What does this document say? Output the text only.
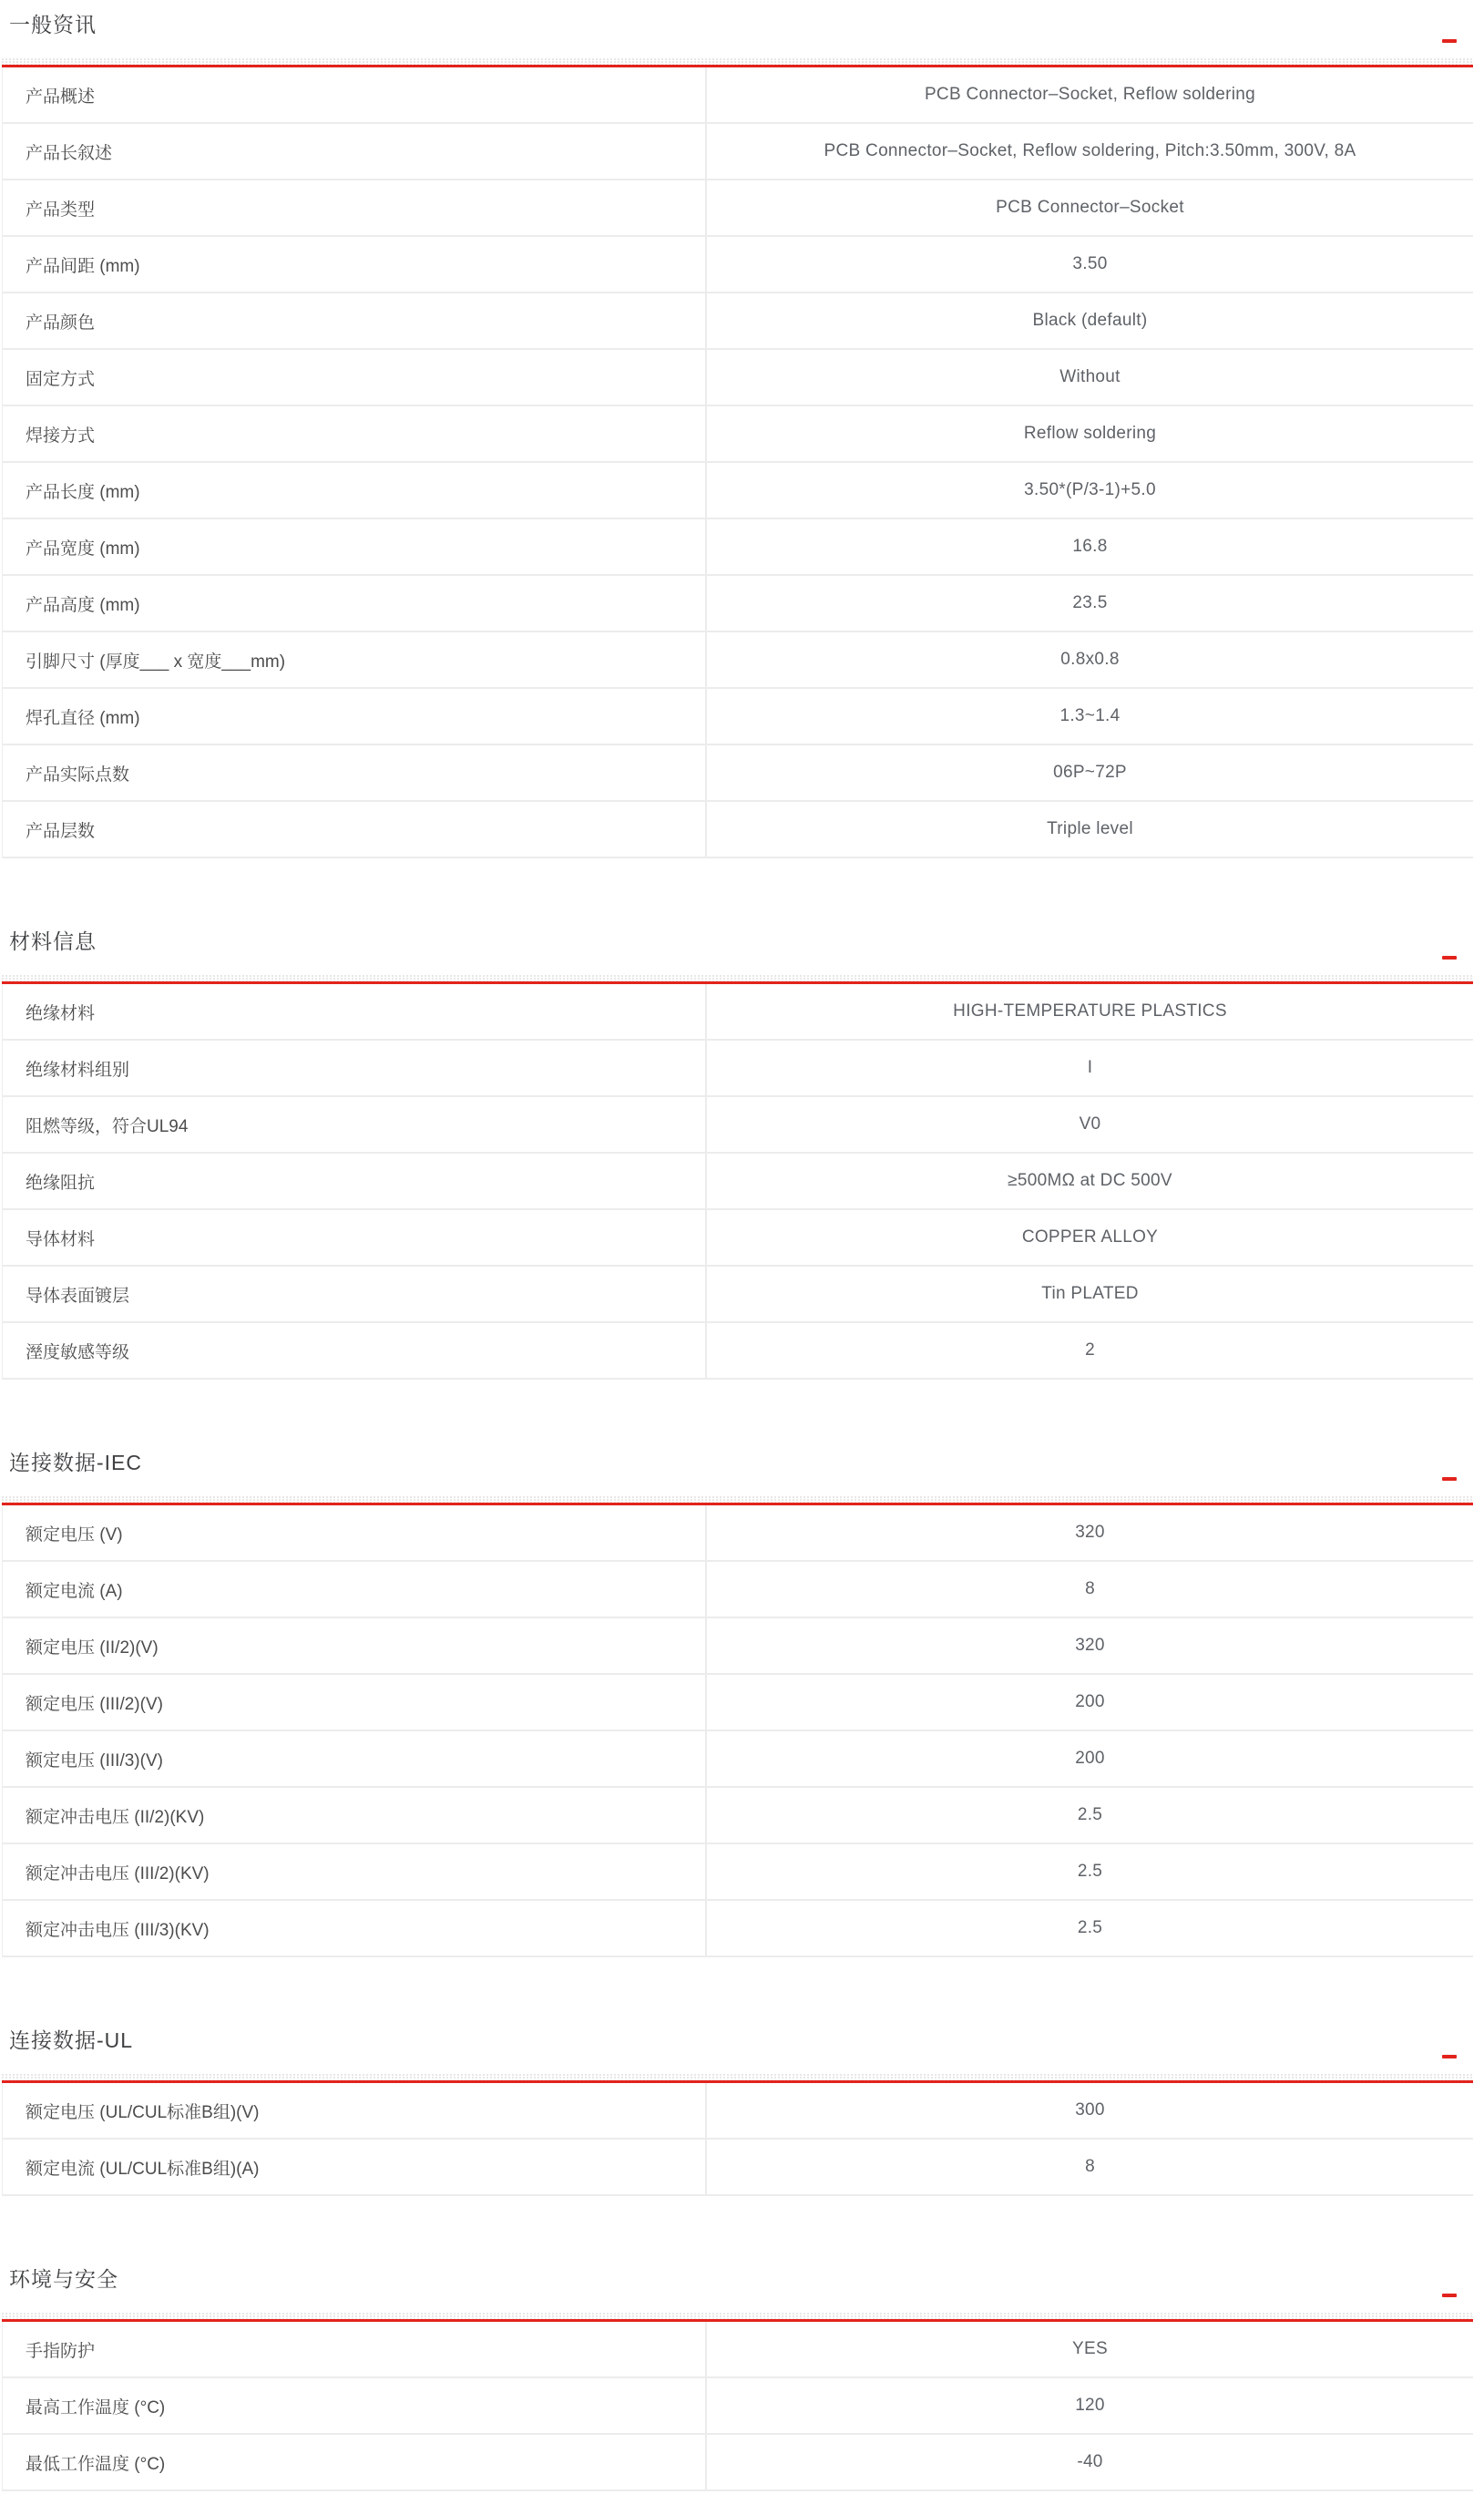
一般资讯
产品概述	PCB Connector–Socket, Reflow soldering
产品长叙述	PCB Connector–Socket, Reflow soldering, Pitch:3.50mm, 300V, 8A
产品类型	PCB Connector–Socket
产品间距 (mm)	3.50
产品颜色	Black (default)
固定方式	Without
焊接方式	Reflow soldering
产品长度 (mm)	3.50*(P/3-1)+5.0
产品宽度 (mm)	16.8
产品高度 (mm)	23.5
引脚尺寸 (厚度___ x 宽度___mm)	0.8x0.8
焊孔直径 (mm)	1.3~1.4
产品实际点数	06P~72P
产品层数	Triple level
材料信息
绝缘材料	HIGH-TEMPERATURE PLASTICS
绝缘材料组别	I
阻燃等级，符合UL94	V0
绝缘阻抗	≥500MΩ at DC 500V
导体材料	COPPER ALLOY
导体表面镀层	Tin PLATED
溼度敏感等级	2
连接数据-IEC
额定电压 (V)	320
额定电流 (A)	8
额定电压 (II/2)(V)	320
额定电压 (III/2)(V)	200
额定电压 (III/3)(V)	200
额定冲击电压 (II/2)(KV)	2.5
额定冲击电压 (III/2)(KV)	2.5
额定冲击电压 (III/3)(KV)	2.5
连接数据-UL
额定电压 (UL/CUL标准B组)(V)	300
额定电流 (UL/CUL标准B组)(A)	8
环境与安全
手指防护	YES
最高工作温度 (°C)	120
最低工作温度 (°C)	-40
